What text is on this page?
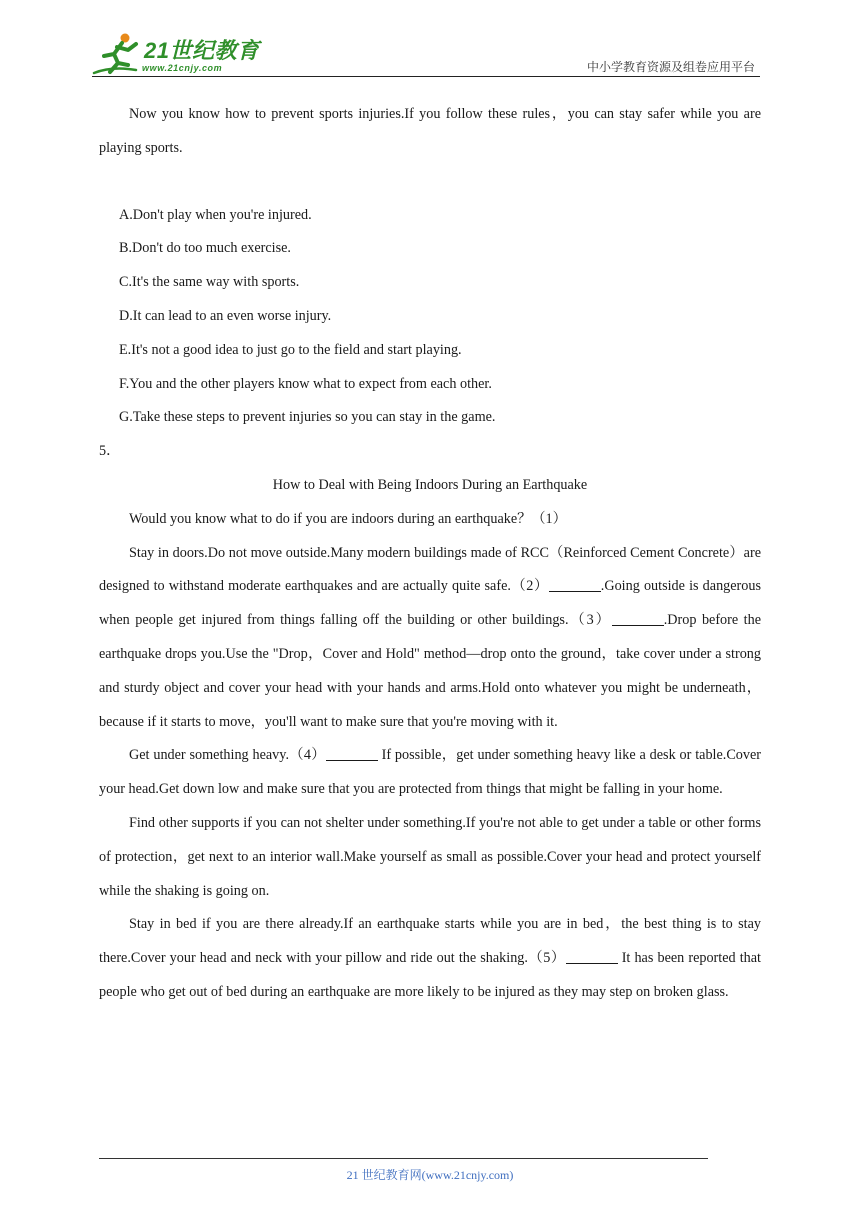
21世纪教育
www.21cnjy.com	中小学教育资源及组卷应用平台

Now you know how to prevent sports injuries.If you follow these rules，you can stay safer while you are playing sports.

A.Don't play when you're injured.

B.Don't do too much exercise.

C.It's the same way with sports.

D.It can lead to an even worse injury.

E.It's not a good idea to just go to the field and start playing.

F.You and the other players know what to expect from each other.

G.Take these steps to prevent injuries so you can stay in the game.

5．

How to Deal with Being Indoors During an Earthquake

Would you know what to do if you are indoors during an earthquake？（1）

Stay in doors.Do not move outside.Many modern buildings made of RCC（Reinforced Cement Concrete）are designed to withstand moderate earthquakes and are actually quite safe.（2）	.Going outside is dangerous when people get injured from things falling off the building or other buildings.（3）	.Drop before the earthquake drops you.Use the "Drop，Cover and Hold" method—drop onto the ground，take cover under a strong and sturdy object and cover your head with your hands and arms.Hold onto whatever you might be underneath，because if it starts to move，you'll want to make sure that you're moving with it.

Get under something heavy.（4）	If possible，get under something heavy like a desk or table.Cover your head.Get down low and make sure that you are protected from things that might be falling in your home.

Find other supports if you can not shelter under something.If you're not able to get under a table or other forms of protection，get next to an interior wall.Make yourself as small as possible.Cover your head and protect yourself while the shaking is going on.

Stay in bed if you are there already.If an earthquake starts while you are in bed，the best thing is to stay there.Cover your head and neck with your pillow and ride out the shaking.（5）	It has been reported that people who get out of bed during an earthquake are more likely to be injured as they may step on broken glass.

21 世纪教育网(www.21cnjy.com)
